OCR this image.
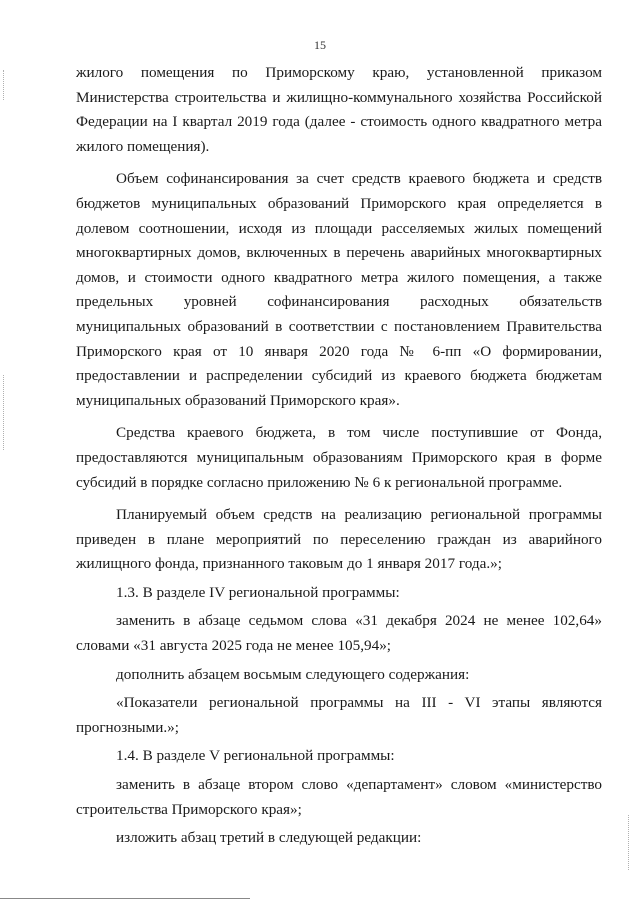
15

жилого помещения по Приморскому краю, установленной приказом Министерства строительства и жилищно-коммунального хозяйства Российской Федерации на I квартал 2019 года (далее - стоимость одного квадратного метра жилого помещения).

Объем софинансирования за счет средств краевого бюджета и средств бюджетов муниципальных образований Приморского края определяется в долевом соотношении, исходя из площади расселяемых жилых помещений многоквартирных домов, включенных в перечень аварийных многоквартирных домов, и стоимости одного квадратного метра жилого помещения, а также предельных уровней софинансирования расходных обязательств муниципальных образований в соответствии с постановлением Правительства Приморского края от 10 января 2020 года № 6-пп «О формировании, предоставлении и распределении субсидий из краевого бюджета бюджетам муниципальных образований Приморского края».

Средства краевого бюджета, в том числе поступившие от Фонда, предоставляются муниципальным образованиям Приморского края в форме субсидий в порядке согласно приложению № 6 к региональной программе.

Планируемый объем средств на реализацию региональной программы приведен в плане мероприятий по переселению граждан из аварийного жилищного фонда, признанного таковым до 1 января 2017 года.»;

1.3. В разделе IV региональной программы:

заменить в абзаце седьмом слова «31 декабря 2024 не менее 102,64» словами «31 августа 2025 года не менее 105,94»;

дополнить абзацем восьмым следующего содержания:

«Показатели региональной программы на III - VI этапы являются прогнозными.»;

1.4. В разделе V региональной программы:

заменить в абзаце втором слово «департамент» словом «министерство строительства Приморского края»;

изложить абзац третий в следующей редакции:
